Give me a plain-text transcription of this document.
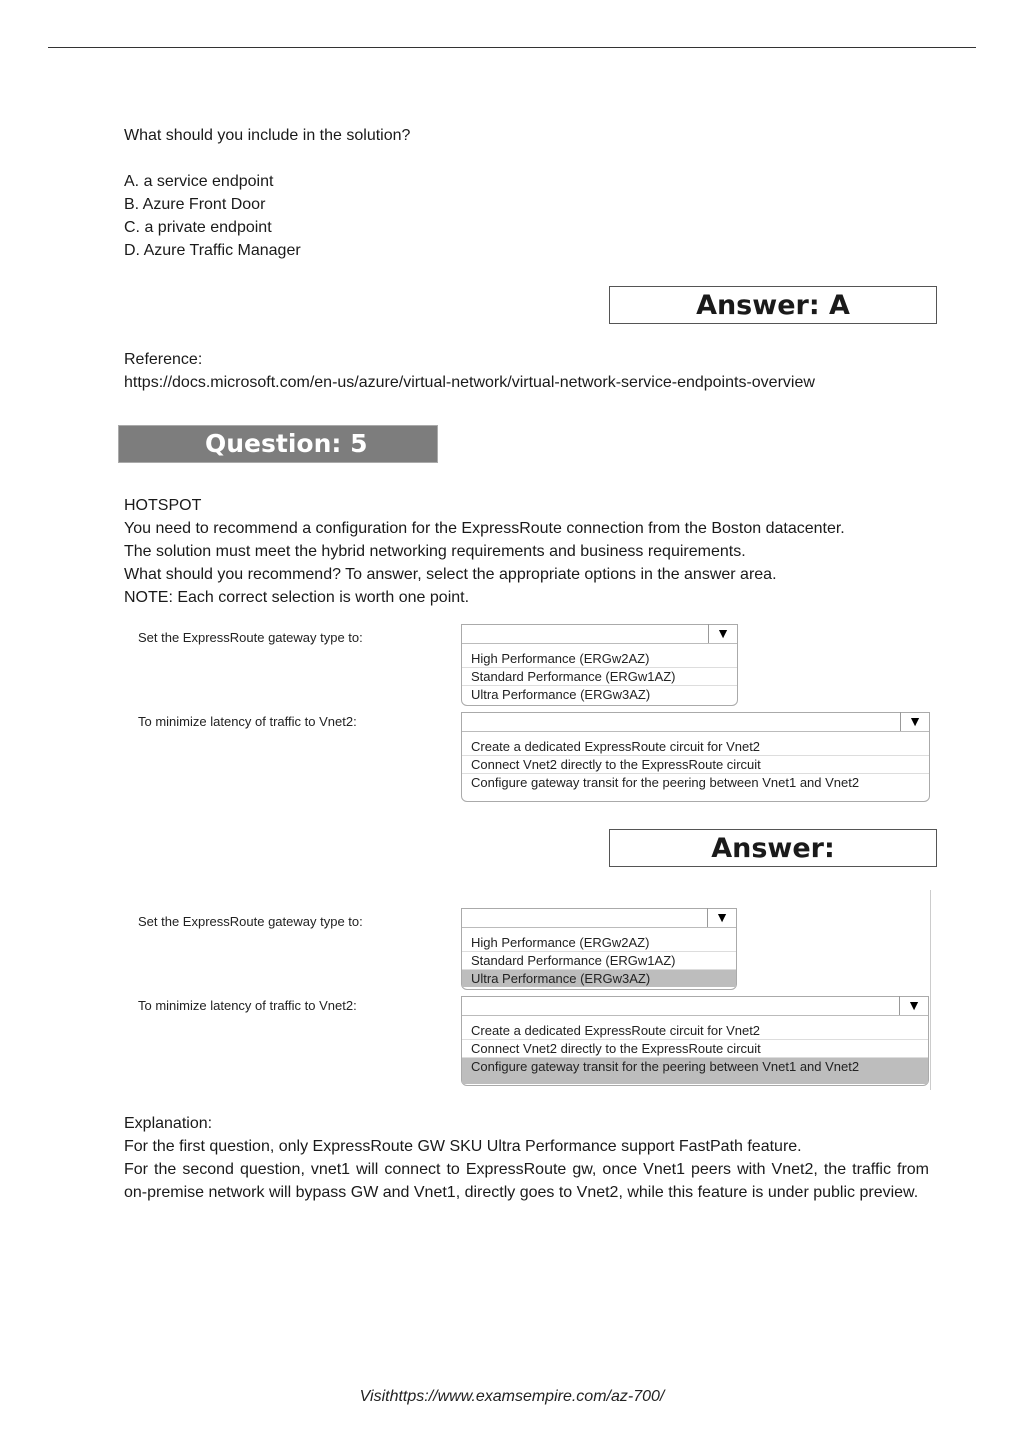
What should you include in the solution?

A. a service endpoint

B. Azure Front Door

C. a private endpoint

D. Azure Traffic Manager

Answer: A

Reference:

https://docs.microsoft.com/en-us/azure/virtual-network/virtual-network-service-endpoints-overview

Question: 5

HOTSPOT

You need to recommend a configuration for the ExpressRoute connection from the Boston datacenter.

The solution must meet the hybrid networking requirements and business requirements.

What should you recommend? To answer, select the appropriate options in the answer area.

NOTE: Each correct selection is worth one point.

Set the ExpressRoute gateway type to:	▼
High Performance (ERGw2AZ)
Standard Performance (ERGw1AZ)
Ultra Performance (ERGw3AZ)
To minimize latency of traffic to Vnet2:	▼
Create a dedicated ExpressRoute circuit for Vnet2
Connect Vnet2 directly to the ExpressRoute circuit
Configure gateway transit for the peering between Vnet1 and Vnet2
Answer:
Set the ExpressRoute gateway type to:	▼
High Performance (ERGw2AZ)
Standard Performance (ERGw1AZ)
Ultra Performance (ERGw3AZ)
To minimize latency of traffic to Vnet2:	▼
Create a dedicated ExpressRoute circuit for Vnet2
Connect Vnet2 directly to the ExpressRoute circuit
Configure gateway transit for the peering between Vnet1 and Vnet2

Explanation:

For the first question, only ExpressRoute GW SKU Ultra Performance support FastPath feature.

For the second question, vnet1 will connect to ExpressRoute gw, once Vnet1 peers with Vnet2, the traffic from on-premise network will bypass GW and Vnet1, directly goes to Vnet2, while this feature is under public preview.

Visithttps://www.examsempire.com/az-700/
